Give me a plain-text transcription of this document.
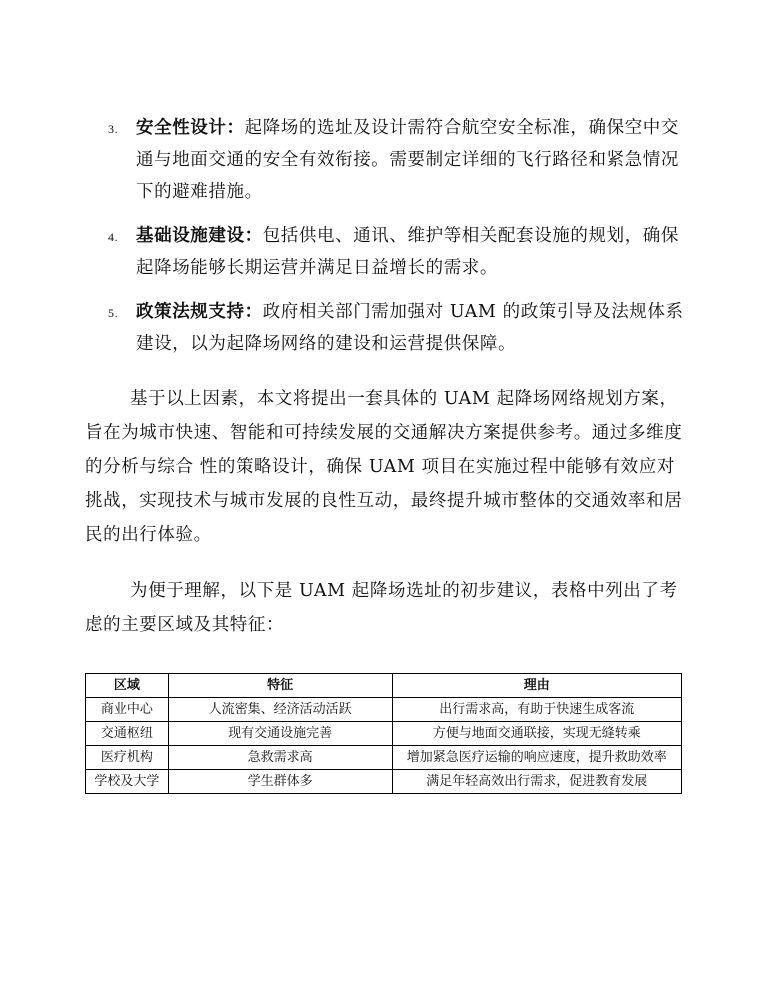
3. 安全性设计：起降场的选址及设计需符合航空安全标准，确保空中交通与地面交通的安全有效衔接。需要制定详细的飞行路径和紧急情况下的避难措施。
4. 基础设施建设：包括供电、通讯、维护等相关配套设施的规划，确保起降场能够长期运营并满足日益增长的需求。
5. 政策法规支持：政府相关部门需加强对 UAM 的政策引导及法规体系建设，以为起降场网络的建设和运营提供保障。

基于以上因素，本文将提出一套具体的 UAM 起降场网络规划方案，旨在为城市快速、智能和可持续发展的交通解决方案提供参考。通过多维度的分析与综合 性的策略设计，确保 UAM 项目在实施过程中能够有效应对挑战，实现技术与城市发展的良性互动，最终提升城市整体的交通效率和居民的出行体验。

为便于理解，以下是 UAM 起降场选址的初步建议，表格中列出了考虑的主要区域及其特征：

区域	特征	理由
商业中心	人流密集、经济活动活跃	出行需求高，有助于快速生成客流
交通枢纽	现有交通设施完善	方便与地面交通联接，实现无缝转乘
医疗机构	急救需求高	增加紧急医疗运输的响应速度，提升救助效率
学校及大学	学生群体多	满足年轻高效出行需求，促进教育发展
